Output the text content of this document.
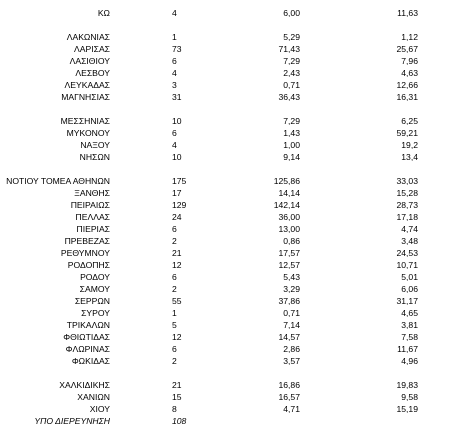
ΚΩ	4	6,00	11,63
ΛΑΚΩΝΙΑΣ	1	5,29	1,12
ΛΑΡΙΣΑΣ	73	71,43	25,67
ΛΑΣΙΘΙΟΥ	6	7,29	7,96
ΛΕΣΒΟΥ	4	2,43	4,63
ΛΕΥΚΑΔΑΣ	3	0,71	12,66
ΜΑΓΝΗΣΙΑΣ	31	36,43	16,31
ΜΕΣΣΗΝΙΑΣ	10	7,29	6,25
ΜΥΚΟΝΟΥ	6	1,43	59,21
ΝΑΞΟΥ	4	1,00	19,2
ΝΗΣΩΝ	10	9,14	13,4
ΝΟΤΙΟΥ ΤΟΜΕΑ ΑΘΗΝΩΝ	175	125,86	33,03
ΞΑΝΘΗΣ	17	14,14	15,28
ΠΕΙΡΑΙΩΣ	129	142,14	28,73
ΠΕΛΛΑΣ	24	36,00	17,18
ΠΙΕΡΙΑΣ	6	13,00	4,74
ΠΡΕΒΕΖΑΣ	2	0,86	3,48
ΡΕΘΥΜΝΟΥ	21	17,57	24,53
ΡΟΔΟΠΗΣ	12	12,57	10,71
ΡΟΔΟΥ	6	5,43	5,01
ΣΑΜΟΥ	2	3,29	6,06
ΣΕΡΡΩΝ	55	37,86	31,17
ΣΥΡΟΥ	1	0,71	4,65
ΤΡΙΚΑΛΩΝ	5	7,14	3,81
ΦΘΙΩΤΙΔΑΣ	12	14,57	7,58
ΦΛΩΡΙΝΑΣ	6	2,86	11,67
ΦΩΚΙΔΑΣ	2	3,57	4,96
ΧΑΛΚΙΔΙΚΗΣ	21	16,86	19,83
ΧΑΝΙΩΝ	15	16,57	9,58
ΧΙΟΥ	8	4,71	15,19
ΥΠΟ ΔΙΕΡΕΥΝΗΣΗ	108
